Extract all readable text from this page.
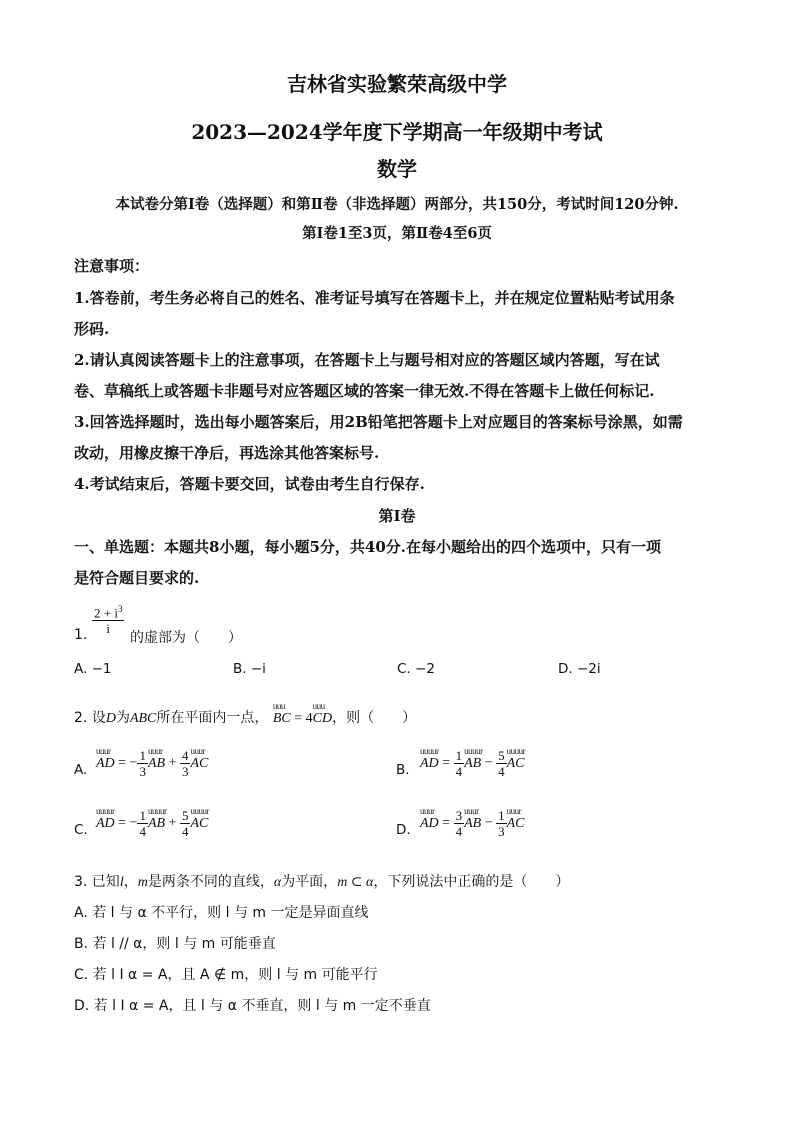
吉林省实验繁荣高级中学
2023—2024学年度下学期高一年级期中考试
数学
本试卷分第Ⅰ卷（选择题）和第Ⅱ卷（非选择题）两部分，共150分，考试时间120分钟.
第Ⅰ卷1至3页，第Ⅱ卷4至6页
注意事项：
1.答卷前，考生务必将自己的姓名、准考证号填写在答题卡上，并在规定位置粘贴考试用条
形码.
2.请认真阅读答题卡上的注意事项，在答题卡上与题号相对应的答题区域内答题，写在试
卷、草稿纸上或答题卡非题号对应答题区域的答案一律无效.不得在答题卡上做任何标记.
3.回答选择题时，选出每小题答案后，用2B铅笔把答题卡上对应题目的答案标号涂黑，如需
改动，用橡皮擦干净后，再选涂其他答案标号.
4.考试结束后，答题卡要交回，试卷由考生自行保存.
第Ⅰ卷
一、单选题：本题共8小题，每小题5分，共40分.在每小题给出的四个选项中，只有一项
是符合题目要求的.
1. $\frac{2 + i^3}{i}$
的虚部为（　　）
A. −1	B. −i	C. −2	D. −2i
2. 设D为ABC所在平面内一点， uuu BC = 4uuu CD，则（　　）
A. uuur AD = − $\frac{1}{3}$ uuur AB + $\frac{4}{3}$ uuur AC	B. uuuur AD = $\frac{1}{4}$ uuuur AB − $\frac{5}{4}$ uuuur AC
C. uuuur AD = − $\frac{1}{4}$ uuuur AB + $\frac{5}{4}$ uuuur AC	D. uuur AD = $\frac{3}{4}$ uuur AB − $\frac{1}{3}$ uuur AC
3. 已知l，m是两条不同的直线，α为平面，m ⊂ α，下列说法中正确的是（　　）
A. 若 l 与 α 不平行，则 l 与 m 一定是异面直线
B. 若 l // α，则 l 与 m 可能垂直
C. 若 l I α = A，且 A ∉ m，则 l 与 m 可能平行
D. 若 l I α = A，且 l 与 α 不垂直，则 l 与 m 一定不垂直
